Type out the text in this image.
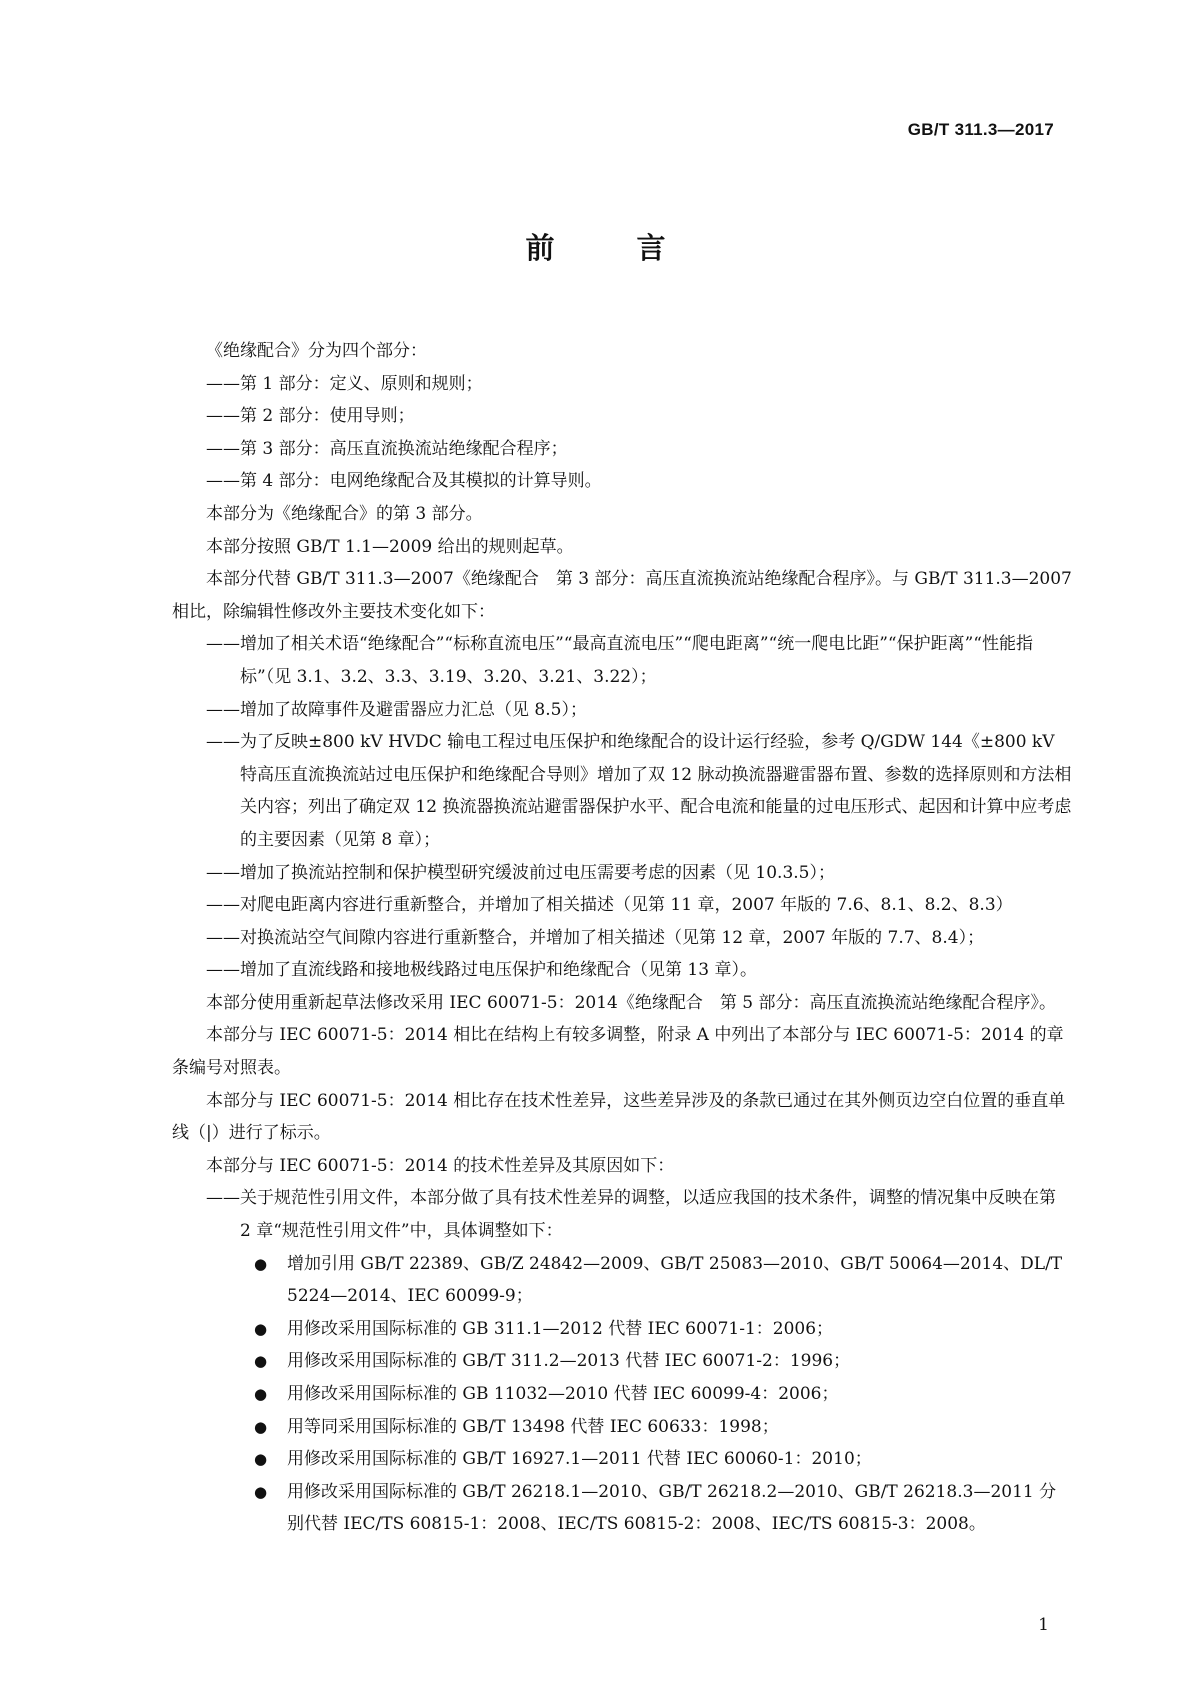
GB/T 311.3—2017
前 言

《绝缘配合》分为四个部分：

——第 1 部分：定义、原则和规则；

——第 2 部分：使用导则；

——第 3 部分：高压直流换流站绝缘配合程序；

——第 4 部分：电网绝缘配合及其模拟的计算导则。

本部分为《绝缘配合》的第 3 部分。

本部分按照 GB/T 1.1—2009 给出的规则起草。

本部分代替 GB/T 311.3—2007《绝缘配合　第 3 部分：高压直流换流站绝缘配合程序》。与 GB/T 311.3—2007 相比，除编辑性修改外主要技术变化如下：

——增加了相关术语“绝缘配合”“标称直流电压”“最高直流电压”“爬电距离”“统一爬电比距”“保护距离”“性能指标”（见 3.1、3.2、3.3、3.19、3.20、3.21、3.22）；

——增加了故障事件及避雷器应力汇总（见 8.5）；

——为了反映±800 kV HVDC 输电工程过电压保护和绝缘配合的设计运行经验，参考 Q/GDW 144《±800 kV 特高压直流换流站过电压保护和绝缘配合导则》增加了双 12 脉动换流器避雷器布置、参数的选择原则和方法相关内容；列出了确定双 12 换流器换流站避雷器保护水平、配合电流和能量的过电压形式、起因和计算中应考虑的主要因素（见第 8 章）；

——增加了换流站控制和保护模型研究缓波前过电压需要考虑的因素（见 10.3.5）；

——对爬电距离内容进行重新整合，并增加了相关描述（见第 11 章，2007 年版的 7.6、8.1、8.2、8.3）

——对换流站空气间隙内容进行重新整合，并增加了相关描述（见第 12 章，2007 年版的 7.7、8.4）；

——增加了直流线路和接地极线路过电压保护和绝缘配合（见第 13 章）。

本部分使用重新起草法修改采用 IEC 60071-5：2014《绝缘配合　第 5 部分：高压直流换流站绝缘配合程序》。

本部分与 IEC 60071-5：2014 相比在结构上有较多调整，附录 A 中列出了本部分与 IEC 60071-5：2014 的章条编号对照表。

本部分与 IEC 60071-5：2014 相比存在技术性差异，这些差异涉及的条款已通过在其外侧页边空白位置的垂直单线（|）进行了标示。

本部分与 IEC 60071-5：2014 的技术性差异及其原因如下：

——关于规范性引用文件，本部分做了具有技术性差异的调整，以适应我国的技术条件，调整的情况集中反映在第 2 章“规范性引用文件”中，具体调整如下：

● 增加引用 GB/T 22389、GB/Z 24842—2009、GB/T 25083—2010、GB/T 50064—2014、DL/T 5224—2014、IEC 60099-9；

● 用修改采用国际标准的 GB 311.1—2012 代替 IEC 60071-1：2006；

● 用修改采用国际标准的 GB/T 311.2—2013 代替 IEC 60071-2：1996；

● 用修改采用国际标准的 GB 11032—2010 代替 IEC 60099-4：2006；

● 用等同采用国际标准的 GB/T 13498 代替 IEC 60633：1998；

● 用修改采用国际标准的 GB/T 16927.1—2011 代替 IEC 60060-1：2010；

● 用修改采用国际标准的 GB/T 26218.1—2010、GB/T 26218.2—2010、GB/T 26218.3—2011 分别代替 IEC/TS 60815-1：2008、IEC/TS 60815-2：2008、IEC/TS 60815-3：2008。

1
